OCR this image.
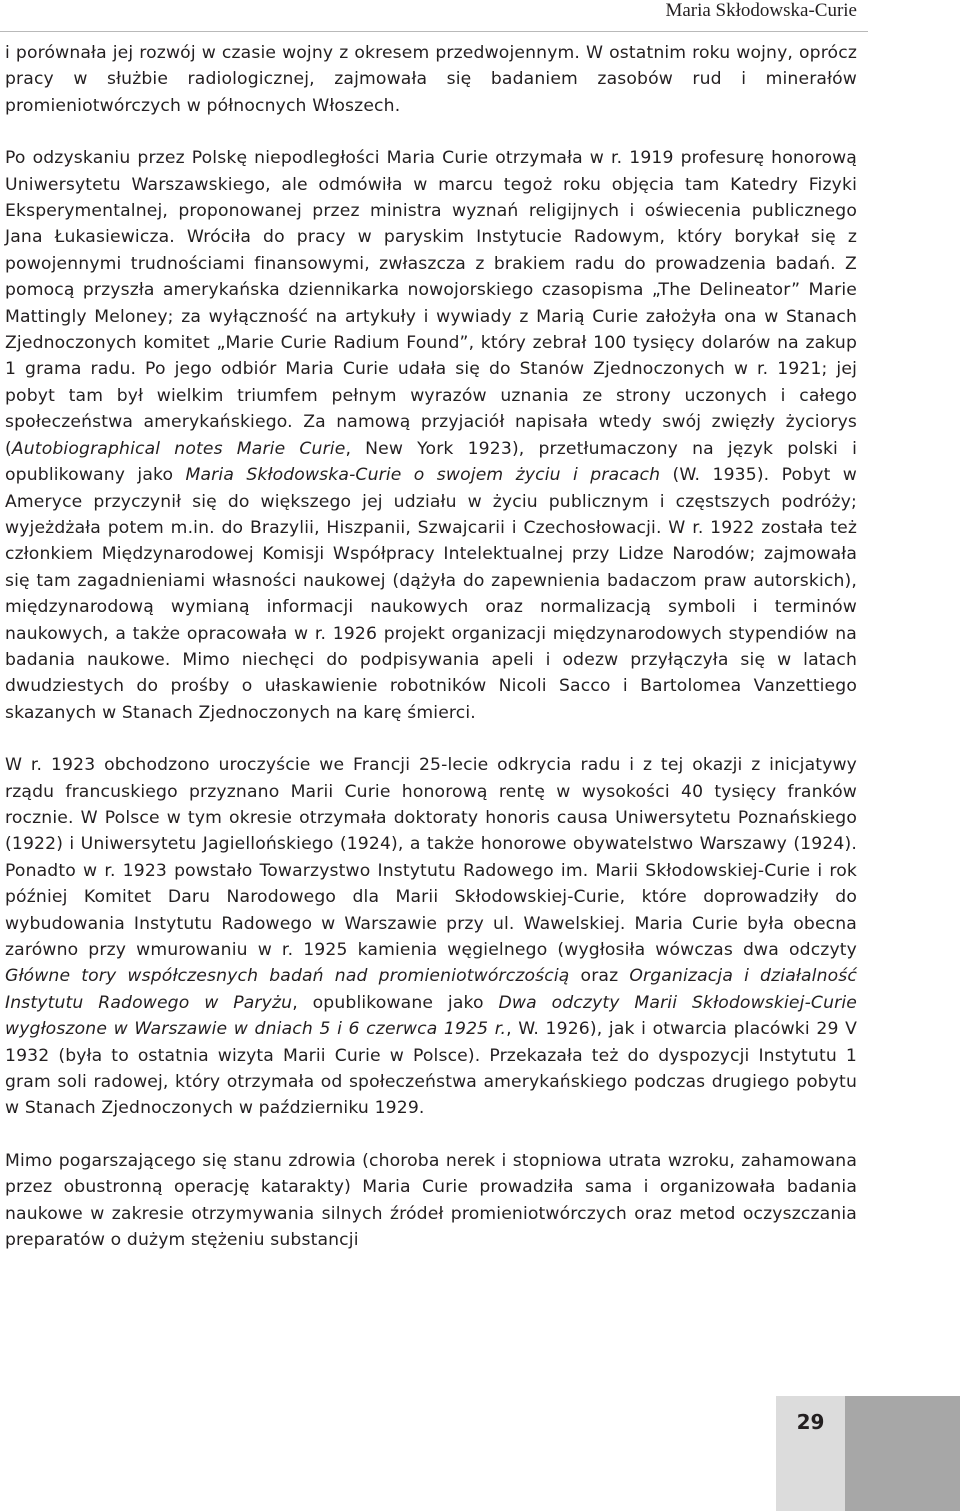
Maria Skłodowska-Curie

i porównała jej rozwój w czasie wojny z okresem przedwojennym. W ostatnim roku wojny, oprócz pracy w służbie radiologicznej, zajmowała się badaniem zasobów rud i minerałów promieniotwórczych w północnych Włoszech.

Po odzyskaniu przez Polskę niepodległości Maria Curie otrzymała w r. 1919 profesurę honorową Uniwersytetu Warszawskiego, ale odmówiła w marcu tegoż roku objęcia tam Katedry Fizyki Eksperymentalnej, proponowanej przez ministra wyznań religijnych i oświecenia publicznego Jana Łukasiewicza. Wróciła do pracy w paryskim Instytucie Radowym, który borykał się z powojennymi trudnościami finansowymi, zwłaszcza z brakiem radu do prowadzenia badań. Z pomocą przyszła amerykańska dziennikarka nowojorskiego czasopisma „The Delineator” Marie Mattingly Meloney; za wyłączność na artykuły i wywiady z Marią Curie założyła ona w Stanach Zjednoczonych komitet „Marie Curie Radium Found”, który zebrał 100 tysięcy dolarów na zakup 1 grama radu. Po jego odbiór Maria Curie udała się do Stanów Zjednoczonych w r. 1921; jej pobyt tam był wielkim triumfem pełnym wyrazów uznania ze strony uczonych i całego społeczeństwa amerykańskiego. Za namową przyjaciół napisała wtedy swój zwięzły życiorys (Autobiographical notes Marie Curie, New York 1923), przetłumaczony na język polski i opublikowany jako Maria Skłodowska-Curie o swojem życiu i pracach (W. 1935). Pobyt w Ameryce przyczynił się do większego jej udziału w życiu publicznym i częstszych podróży; wyjeżdżała potem m.in. do Brazylii, Hiszpanii, Szwajcarii i Czechosłowacji. W r. 1922 została też członkiem Międzynarodowej Komisji Współpracy Intelektualnej przy Lidze Narodów; zajmowała się tam zagadnieniami własności naukowej (dążyła do zapewnienia badaczom praw autorskich), międzynarodową wymianą informacji naukowych oraz normalizacją symboli i terminów naukowych, a także opracowała w r. 1926 projekt organizacji międzynarodowych stypendiów na badania naukowe. Mimo niechęci do podpisywania apeli i odezw przyłączyła się w latach dwudziestych do prośby o ułaskawienie robotników Nicoli Sacco i Bartolomea Vanzettiego skazanych w Stanach Zjednoczonych na karę śmierci.

W r. 1923 obchodzono uroczyście we Francji 25-lecie odkrycia radu i z tej okazji z inicjatywy rządu francuskiego przyznano Marii Curie honorową rentę w wysokości 40 tysięcy franków rocznie. W Polsce w tym okresie otrzymała doktoraty honoris causa Uniwersytetu Poznańskiego (1922) i Uniwersytetu Jagiellońskiego (1924), a także honorowe obywatelstwo Warszawy (1924). Ponadto w r. 1923 powstało Towarzystwo Instytutu Radowego im. Marii Skłodowskiej-Curie i rok później Komitet Daru Narodowego dla Marii Skłodowskiej-Curie, które doprowadziły do wybudowania Instytutu Radowego w Warszawie przy ul. Wawelskiej. Maria Curie była obecna zarówno przy wmurowaniu w r. 1925 kamienia węgielnego (wygłosiła wówczas dwa odczyty Główne tory współczesnych badań nad promieniotwórczością oraz Organizacja i działalność Instytutu Radowego w Paryżu, opublikowane jako Dwa odczyty Marii Skłodowskiej-Curie wygłoszone w Warszawie w dniach 5 i 6 czerwca 1925 r., W. 1926), jak i otwarcia placówki 29 V 1932 (była to ostatnia wizyta Marii Curie w Polsce). Przekazała też do dyspozycji Instytutu 1 gram soli radowej, który otrzymała od społeczeństwa amerykańskiego podczas drugiego pobytu w Stanach Zjednoczonych w październiku 1929.

Mimo pogarszającego się stanu zdrowia (choroba nerek i stopniowa utrata wzroku, zahamowana przez obustronną operację katarakty) Maria Curie prowadziła sama i organizowała badania naukowe w zakresie otrzymywania silnych źródeł promieniotwórczych oraz metod oczyszczania preparatów o dużym stężeniu substancji

29
